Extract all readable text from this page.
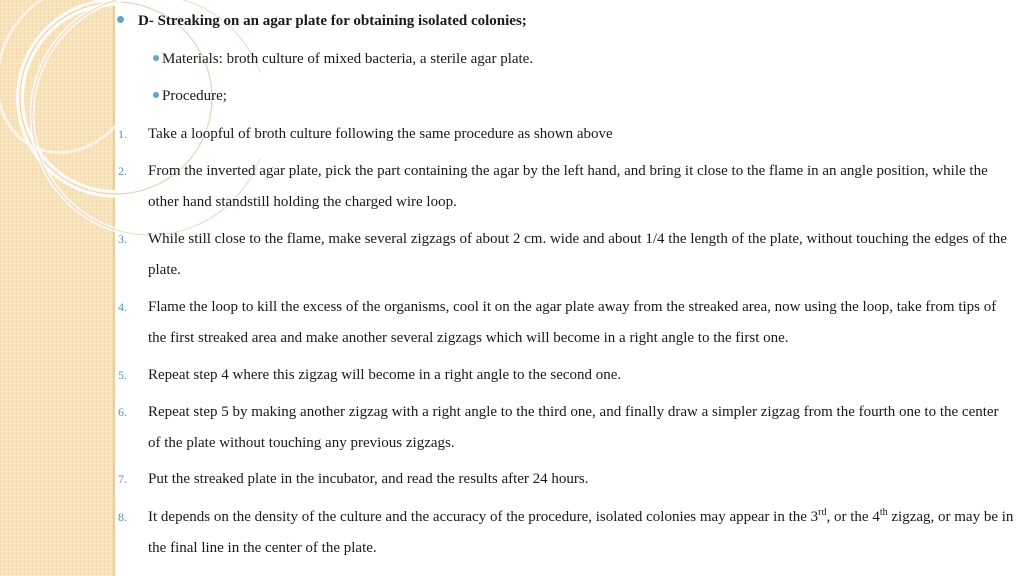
D- Streaking on an agar plate for obtaining isolated colonies;
Materials: broth culture of mixed bacteria, a sterile agar plate.
Procedure;
1. Take a loopful of broth culture following the same procedure as shown above
2. From the inverted agar plate, pick the part containing the agar by the left hand, and bring it close to the flame in an angle position, while the other hand standstill holding the charged wire loop.
3. While still close to the flame, make several zigzags of about 2 cm. wide and about 1/4 the length of the plate, without touching the edges of the plate.
4. Flame the loop to kill the excess of the organisms, cool it on the agar plate away from the streaked area, now using the loop, take from tips of the first streaked area and make another several zigzags which will become in a right angle to the first one.
5. Repeat step 4 where this zigzag will become in a right angle to the second one.
6. Repeat step 5 by making another zigzag with a right angle to the third one, and finally draw a simpler zigzag from the fourth one to the center of the plate without touching any previous zigzags.
7. Put the streaked plate in the incubator, and read the results after 24 hours.
8. It depends on the density of the culture and the accuracy of the procedure, isolated colonies may appear in the 3rd, or the 4th zigzag, or may be in the final line in the center of the plate.
